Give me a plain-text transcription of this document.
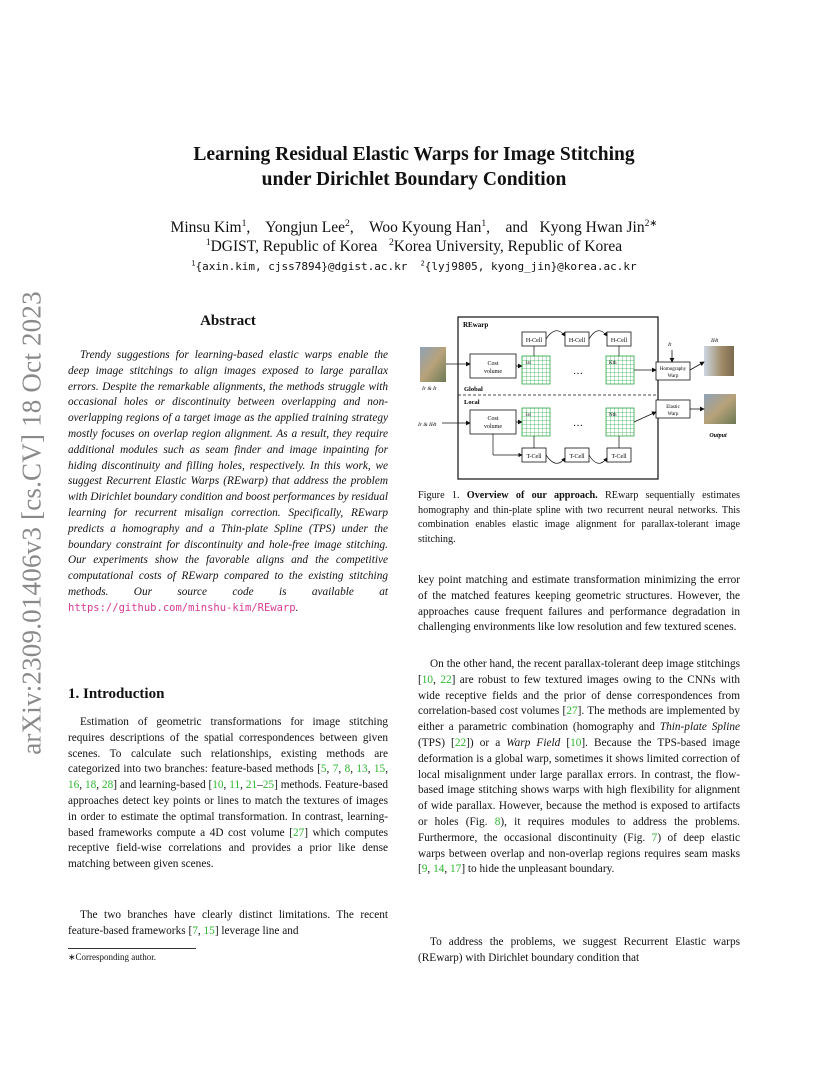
arXiv:2309.01406v3 [cs.CV] 18 Oct 2023
Learning Residual Elastic Warps for Image Stitching
under Dirichlet Boundary Condition
Minsu Kim$^1$,    Yongjun Lee$^2$,    Woo Kyoung Han$^1$,    and Kyong Hwan Jin$^{2∗}$
$^1$DGIST, Republic of Korea $^2$Korea University, Republic of Korea
$^1${axin.kim, cjss7894}@dgist.ac.kr $^2${lyj9805, kyong_jin}@korea.ac.kr
Abstract

Trendy suggestions for learning-based elastic warps enable the deep image stitchings to align images exposed to large parallax errors. Despite the remarkable alignments, the methods struggle with occasional holes or discontinuity between overlapping and non-overlapping regions of a target image as the applied training strategy mostly focuses on overlap region alignment. As a result, they require additional modules such as seam finder and image inpainting for hiding discontinuity and filling holes, respectively. In this work, we suggest Recurrent Elastic Warps (REwarp) that address the problem with Dirichlet boundary condition and boost performances by residual learning for recurrent misalign correction. Specifically, REwarp predicts a homography and a Thin-plate Spline (TPS) under the boundary constraint for discontinuity and hole-free image stitching. Our experiments show the favorable aligns and the competitive computational costs of REwarp compared to the existing stitching methods. Our source code is available at https://github.com/minshu-kim/REwarp.

1. Introduction

Estimation of geometric transformations for image stitching requires descriptions of the spatial correspondences between given scenes. To calculate such relationships, existing methods are categorized into two branches: feature-based methods [5, 7, 8, 13, 15, 16, 18, 28] and learning-based [10, 11, 21–25] methods. Feature-based approaches detect key points or lines to match the textures of images in order to estimate the optimal transformation. In contrast, learning-based frameworks compute a 4D cost volume [27] which computes receptive field-wise correlations and provides a prior like dense matching between given scenes.

The two branches have clearly distinct limitations. The recent feature-based frameworks [7, 15] leverage line and

∗Corresponding author.
REwarp
Global
Local
Ir & It
Ir & IHt
Cost
volume
Cost
volume
H-Cell	H-Cell	H-Cell
1st
…
Kth
1st
…
Nth
T-Cell	T-Cell	T-Cell
It
IHt
Homography
Warp
Elastic
Warp
Output

Figure 1. Overview of our approach. REwarp sequentially estimates homography and thin-plate spline with two recurrent neural networks. This combination enables elastic image alignment for parallax-tolerant image stitching.

key point matching and estimate transformation minimizing the error of the matched features keeping geometric structures. However, the approaches cause frequent failures and performance degradation in challenging environments like low resolution and few textured scenes.

On the other hand, the recent parallax-tolerant deep image stitchings [10, 22] are robust to few textured images owing to the CNNs with wide receptive fields and the prior of dense correspondences from correlation-based cost volumes [27]. The methods are implemented by either a parametric combination (homography and Thin-plate Spline (TPS) [22]) or a Warp Field [10]. Because the TPS-based image deformation is a global warp, sometimes it shows limited correction of local misalignment under large parallax errors. In contrast, the flow-based image stitching shows warps with high flexibility for alignment of wide parallax. However, because the method is exposed to artifacts or holes (Fig. 8), it requires modules to address the problems. Furthermore, the occasional discontinuity (Fig. 7) of deep elastic warps between overlap and non-overlap regions requires seam masks [9, 14, 17] to hide the unpleasant boundary.

To address the problems, we suggest Recurrent Elastic warps (REwarp) with Dirichlet boundary condition that
